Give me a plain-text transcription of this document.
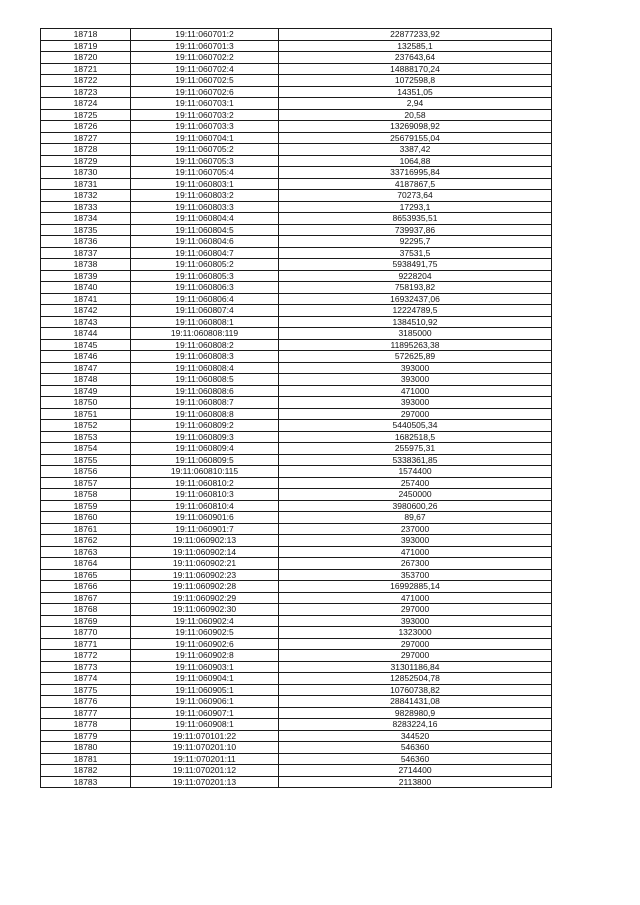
18718	19:11:060701:2	22877233,92
18719	19:11:060701:3	132585,1
18720	19:11:060702:2	237643,64
18721	19:11:060702:4	14888170,24
18722	19:11:060702:5	1072598,8
18723	19:11:060702:6	14351,05
18724	19:11:060703:1	2,94
18725	19:11:060703:2	20,58
18726	19:11:060703:3	13269098,92
18727	19:11:060704:1	25679155,04
18728	19:11:060705:2	3387,42
18729	19:11:060705:3	1064,88
18730	19:11:060705:4	33716995,84
18731	19:11:060803:1	4187867,5
18732	19:11:060803:2	70273,64
18733	19:11:060803:3	17293,1
18734	19:11:060804:4	8653935,51
18735	19:11:060804:5	739937,86
18736	19:11:060804:6	92295,7
18737	19:11:060804:7	37531,5
18738	19:11:060805:2	5938491,75
18739	19:11:060805:3	9228204
18740	19:11:060806:3	758193,82
18741	19:11:060806:4	16932437,06
18742	19:11:060807:4	12224789,5
18743	19:11:060808:1	1384510,92
18744	19:11:060808:119	3185000
18745	19:11:060808:2	11895263,38
18746	19:11:060808:3	572625,89
18747	19:11:060808:4	393000
18748	19:11:060808:5	393000
18749	19:11:060808:6	471000
18750	19:11:060808:7	393000
18751	19:11:060808:8	297000
18752	19:11:060809:2	5440505,34
18753	19:11:060809:3	1682518,5
18754	19:11:060809:4	255975,31
18755	19:11:060809:5	5338361,85
18756	19:11:060810:115	1574400
18757	19:11:060810:2	257400
18758	19:11:060810:3	2450000
18759	19:11:060810:4	3980600,26
18760	19:11:060901:6	89,67
18761	19:11:060901:7	237000
18762	19:11:060902:13	393000
18763	19:11:060902:14	471000
18764	19:11:060902:21	267300
18765	19:11:060902:23	353700
18766	19:11:060902:28	16992885,14
18767	19:11:060902:29	471000
18768	19:11:060902:30	297000
18769	19:11:060902:4	393000
18770	19:11:060902:5	1323000
18771	19:11:060902:6	297000
18772	19:11:060902:8	297000
18773	19:11:060903:1	31301186,84
18774	19:11:060904:1	12852504,78
18775	19:11:060905:1	10760738,82
18776	19:11:060906:1	28841431,08
18777	19:11:060907:1	9828980,9
18778	19:11:060908:1	8283224,16
18779	19:11:070101:22	344520
18780	19:11:070201:10	546360
18781	19:11:070201:11	546360
18782	19:11:070201:12	2714400
18783	19:11:070201:13	2113800
